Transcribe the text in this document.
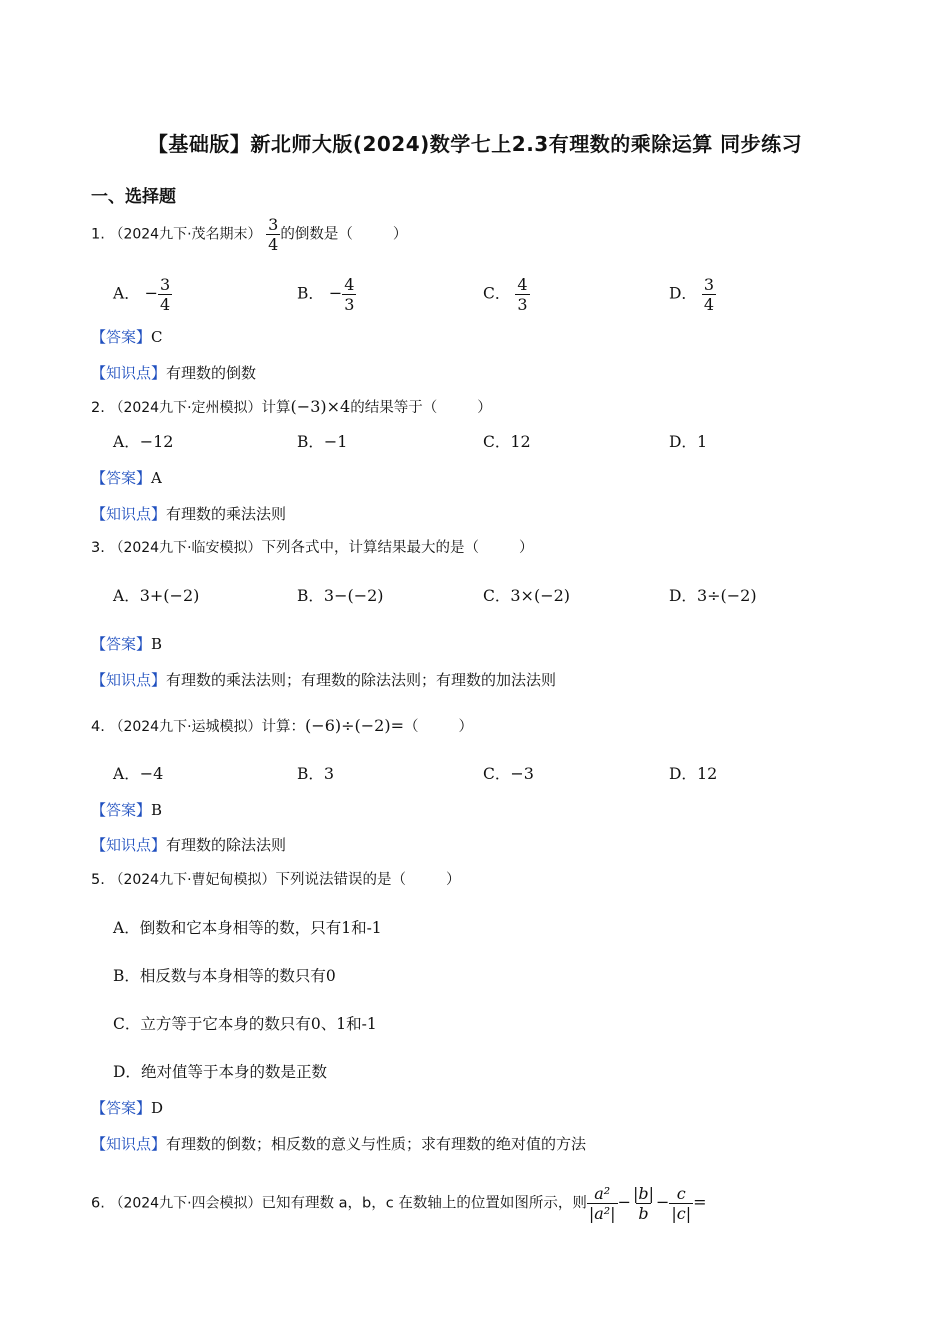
【基础版】新北师大版(2024)数学七上2.3有理数的乘除运算 同步练习
一、选择题
1. （2024九下·茂名期末） $\frac{3}{4}$ 的倒数是（	）
A． − $\frac{3}{4}$	B． − $\frac{4}{3}$	C． $\frac{4}{3}$	D． $\frac{3}{4}$
【答案】C
【知识点】有理数的倒数
2. （2024九下·定州模拟）计算(−3)×4的结果等于（	）
A．−12	B．−1	C．12	D．1
【答案】A
【知识点】有理数的乘法法则
3. （2024九下·临安模拟）下列各式中，计算结果最大的是（	）
A．3+(−2)	B．3−(−2)	C．3×(−2)	D．3÷(−2)
【答案】B
【知识点】有理数的乘法法则；有理数的除法法则；有理数的加法法则
4. （2024九下·运城模拟）计算：(−6)÷(−2)=（	）
A．−4	B．3	C．−3	D．12
【答案】B
【知识点】有理数的除法法则
5. （2024九下·曹妃甸模拟）下列说法错误的是（	）
A．倒数和它本身相等的数，只有1和-1
B．相反数与本身相等的数只有0
C．立方等于它本身的数只有0、1和-1
D．绝对值等于本身的数是正数
【答案】D
【知识点】有理数的倒数；相反数的意义与性质；求有理数的绝对值的方法
6. （2024九下·四会模拟）已知有理数 a，b，c 在数轴上的位置如图所示，则 $\frac{\text{a²}}{\text{|a²|}} - \frac{|b|}{b} - \frac{c}{|c|}$ =
